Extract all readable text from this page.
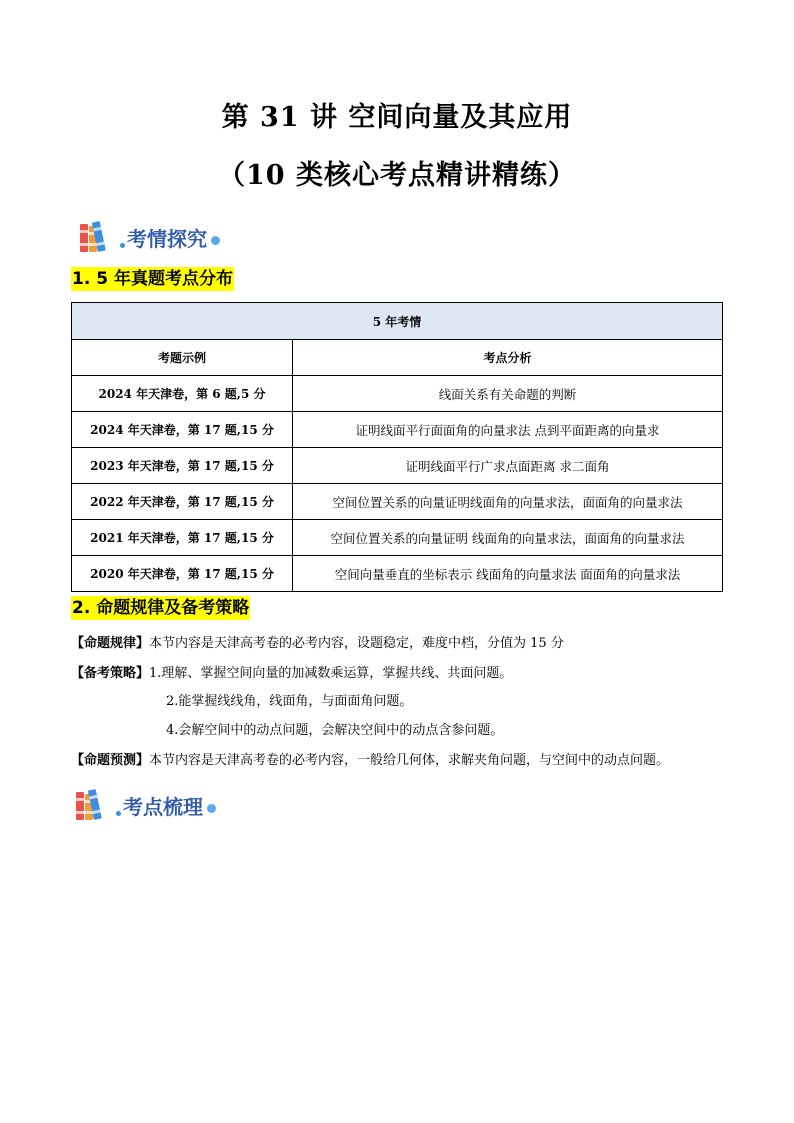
第 31 讲 空间向量及其应用
（10 类核心考点精讲精练）
考情探究
1. 5 年真题考点分布
5 年考情	
考题示例	考点分析
2024 年天津卷，第 6 题,5 分	线面关系有关命题的判断
2024 年天津卷，第 17 题,15 分	证明线面平行面面角的向量求法 点到平面距离的向量求
2023 年天津卷，第 17 题,15 分	证明线面平行广求点面距离 求二面角
2022 年天津卷，第 17 题,15 分	空间位置关系的向量证明线面角的向量求法，面面角的向量求法
2021 年天津卷，第 17 题,15 分	空间位置关系的向量证明 线面角的向量求法，面面角的向量求法
2020 年天津卷，第 17 题,15 分	空间向量垂直的坐标表示 线面角的向量求法 面面角的向量求法
2. 命题规律及备考策略
【命题规律】本节内容是天津高考卷的必考内容，设题稳定，难度中档，分值为 15 分
【备考策略】1.理解、掌握空间向量的加减数乘运算，掌握共线、共面问题。
2.能掌握线线角，线面角，与面面角问题。
4.会解空间中的动点问题，会解决空间中的动点含参问题。
【命题预测】本节内容是天津高考卷的必考内容，一般给几何体，求解夹角问题，与空间中的动点问题。
考点梳理
